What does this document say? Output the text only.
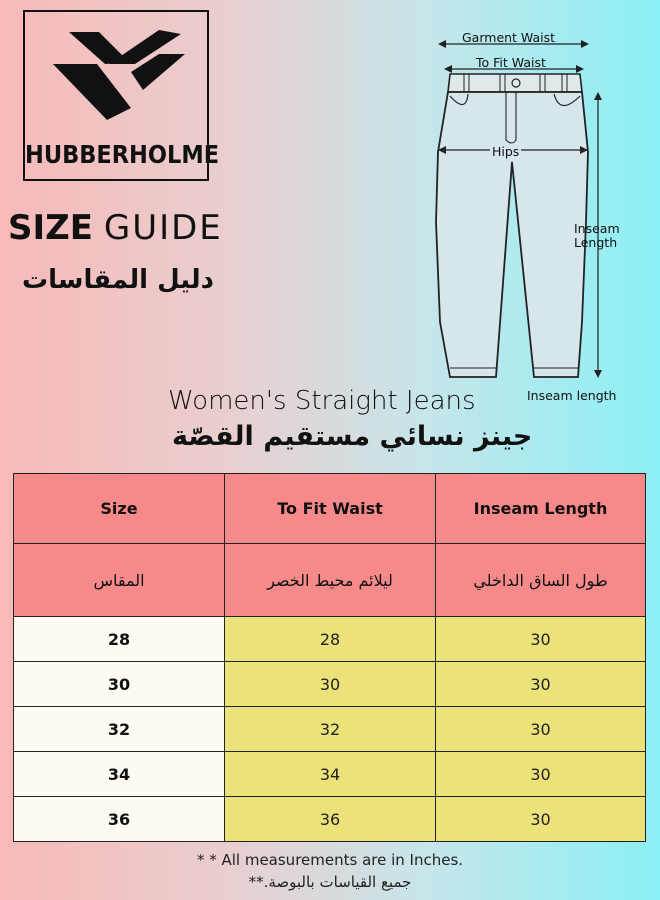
HUBBERHOLME
SIZE GUIDE
دليل المقاسات
Garment Waist
To Fit Waist
Hips
Inseam
Length
Inseam length
Women's Straight Jeans
جينز نسائي مستقيم القصّة
Size	To Fit Waist	Inseam Length
المقاس	ليلائم محيط الخصر	طول الساق الداخلي
28	28	30
30	30	30
32	32	30
34	34	30
36	36	30
* * All measurements are in Inches.
جميع القياسات بالبوصة.**
